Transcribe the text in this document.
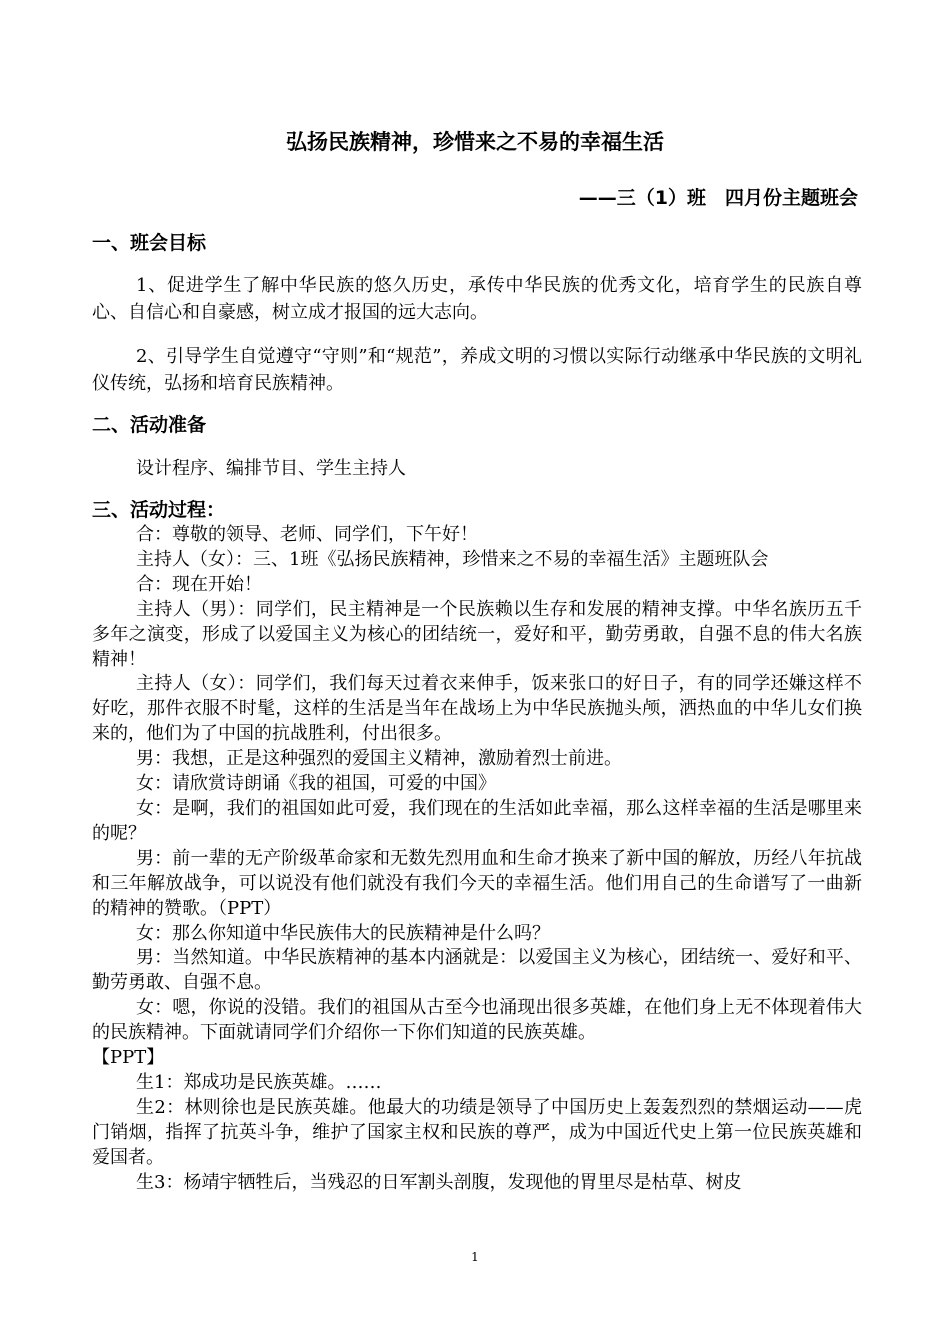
弘扬民族精神，珍惜来之不易的幸福生活
——三（1）班　四月份主题班会
一、班会目标
1、促进学生了解中华民族的悠久历史，承传中华民族的优秀文化，培育学生的民族自尊心、自信心和自豪感，树立成才报国的远大志向。
2、引导学生自觉遵守“守则”和“规范”，养成文明的习惯以实际行动继承中华民族的文明礼仪传统，弘扬和培育民族精神。
二、活动准备
设计程序、编排节目、学生主持人

三、活动过程：

合：尊敬的领导、老师、同学们，下午好！

主持人（女）：三、1班《弘扬民族精神，珍惜来之不易的幸福生活》主题班队会

合：现在开始！

主持人（男）：同学们，民主精神是一个民族赖以生存和发展的精神支撑。中华名族历五千多年之演变，形成了以爱国主义为核心的团结统一，爱好和平，勤劳勇敢，自强不息的伟大名族精神！

主持人（女）：同学们，我们每天过着衣来伸手，饭来张口的好日子，有的同学还嫌这样不好吃，那件衣服不时髦，这样的生活是当年在战场上为中华民族抛头颅，洒热血的中华儿女们换来的，他们为了中国的抗战胜利，付出很多。

男：我想，正是这种强烈的爱国主义精神，激励着烈士前进。

女：请欣赏诗朗诵《我的祖国，可爱的中国》

女：是啊，我们的祖国如此可爱，我们现在的生活如此幸福，那么这样幸福的生活是哪里来的呢？

男：前一辈的无产阶级革命家和无数先烈用血和生命才换来了新中国的解放，历经八年抗战和三年解放战争，可以说没有他们就没有我们今天的幸福生活。他们用自己的生命谱写了一曲新的精神的赞歌。（PPT）

女：那么你知道中华民族伟大的民族精神是什么吗？

男：当然知道。中华民族精神的基本内涵就是：以爱国主义为核心，团结统一、爱好和平、勤劳勇敢、自强不息。

女：嗯，你说的没错。我们的祖国从古至今也涌现出很多英雄，在他们身上无不体现着伟大的民族精神。下面就请同学们介绍你一下你们知道的民族英雄。

【PPT】

生1：郑成功是民族英雄。……

生2：林则徐也是民族英雄。他最大的功绩是领导了中国历史上轰轰烈烈的禁烟运动——虎门销烟，指挥了抗英斗争，维护了国家主权和民族的尊严，成为中国近代史上第一位民族英雄和爱国者。

生3：杨靖宇牺牲后，当残忍的日军割头剖腹，发现他的胃里尽是枯草、树皮

1
